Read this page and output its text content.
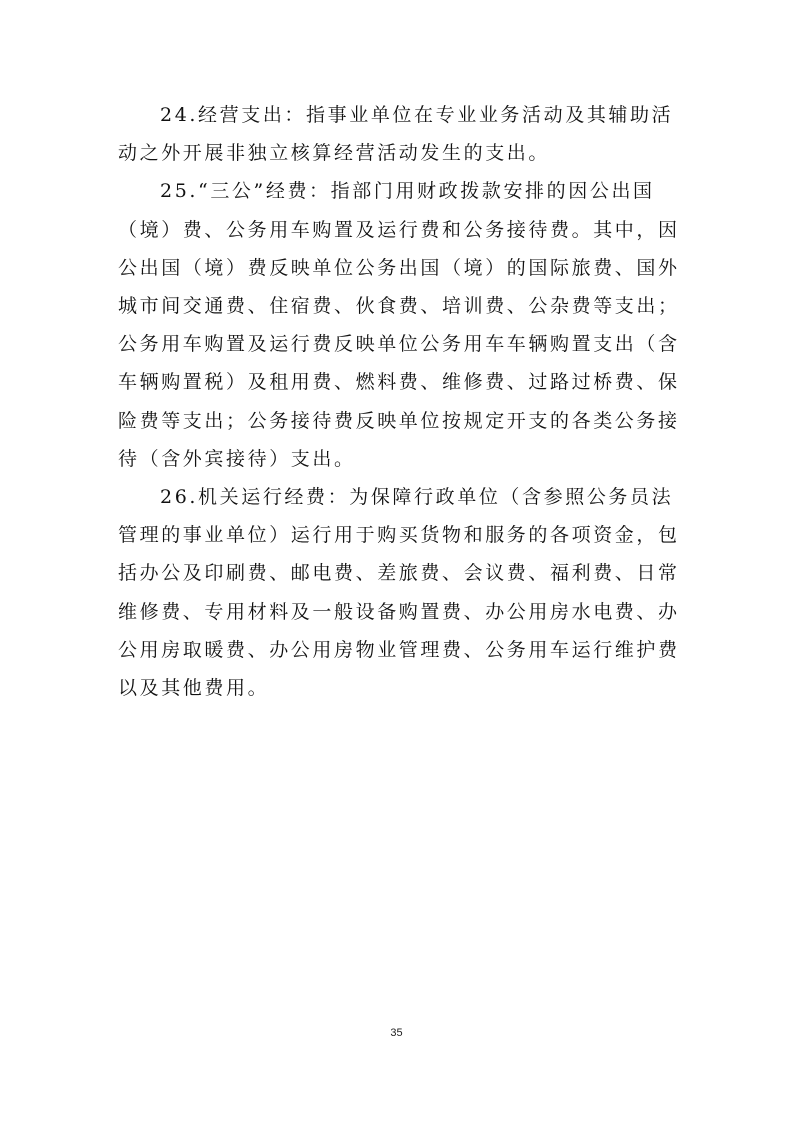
24.经营支出：指事业单位在专业业务活动及其辅助活

动之外开展非独立核算经营活动发生的支出。

25.“三公”经费：指部门用财政拨款安排的因公出国

（境）费、公务用车购置及运行费和公务接待费。其中，因

公出国（境）费反映单位公务出国（境）的国际旅费、国外

城市间交通费、住宿费、伙食费、培训费、公杂费等支出；

公务用车购置及运行费反映单位公务用车车辆购置支出（含

车辆购置税）及租用费、燃料费、维修费、过路过桥费、保

险费等支出；公务接待费反映单位按规定开支的各类公务接

待（含外宾接待）支出。

26.机关运行经费：为保障行政单位（含参照公务员法

管理的事业单位）运行用于购买货物和服务的各项资金，包

括办公及印刷费、邮电费、差旅费、会议费、福利费、日常

维修费、专用材料及一般设备购置费、办公用房水电费、办

公用房取暖费、办公用房物业管理费、公务用车运行维护费

以及其他费用。

35
